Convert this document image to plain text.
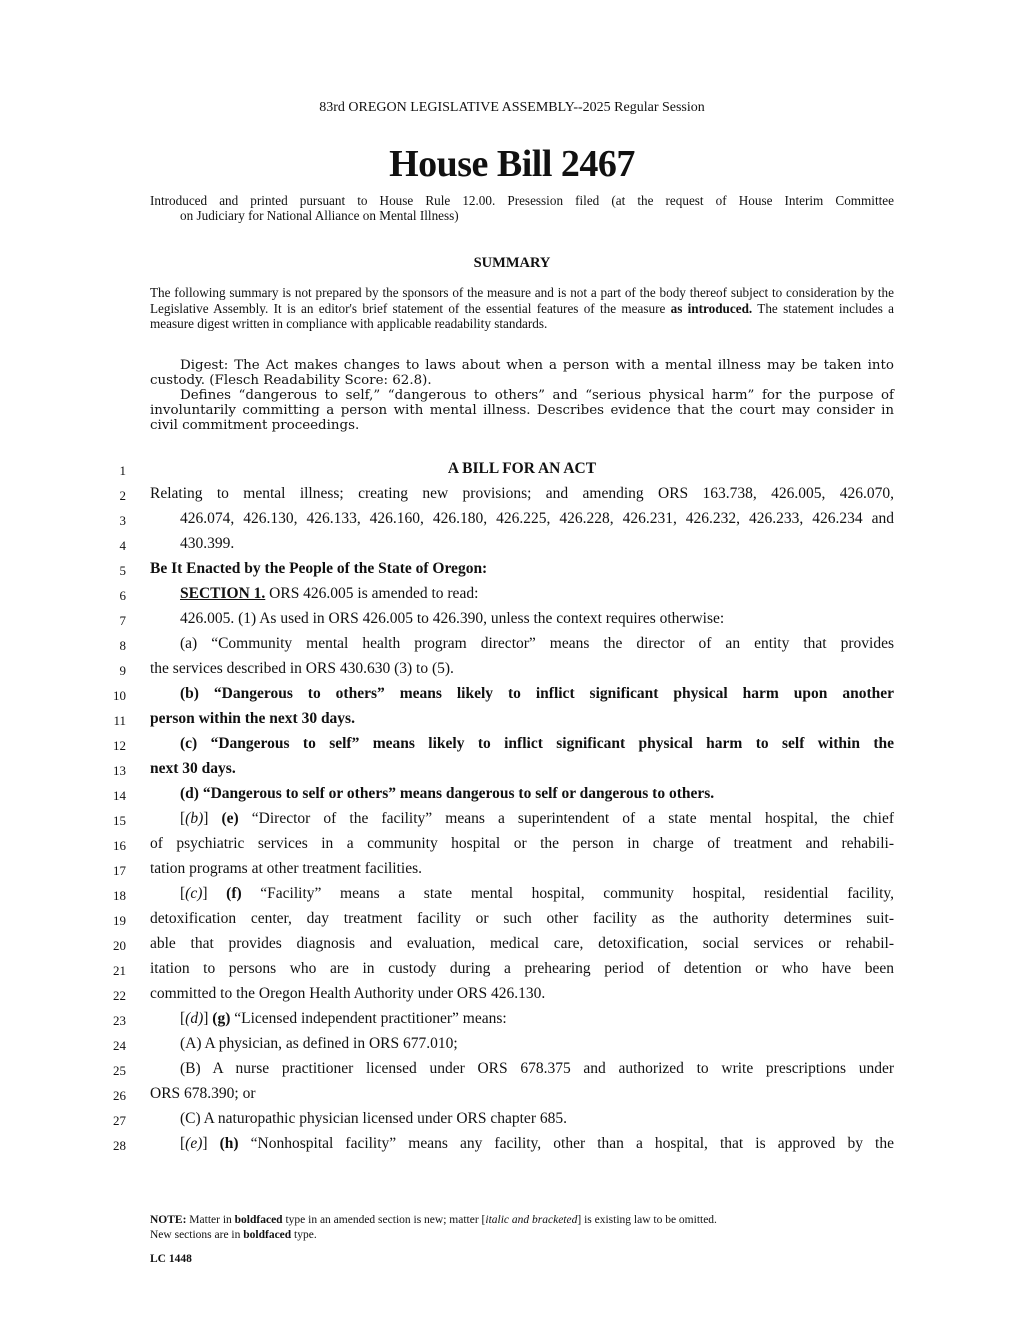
83rd OREGON LEGISLATIVE ASSEMBLY--2025 Regular Session
House Bill 2467
Introduced and printed pursuant to House Rule 12.00. Presession filed (at the request of House Interim Committee
on Judiciary for National Alliance on Mental Illness)
SUMMARY
The following summary is not prepared by the sponsors of the measure and is not a part of the body thereof subject to consideration by the Legislative Assembly. It is an editor's brief statement of the essential features of the measure as introduced. The statement includes a measure digest written in compliance with applicable readability standards.

Digest: The Act makes changes to laws about when a person with a mental illness may be taken into custody. (Flesch Readability Score: 62.8).

Defines “dangerous to self,” “dangerous to others” and “serious physical harm” for the purpose of involuntarily committing a person with mental illness. Describes evidence that the court may consider in civil commitment proceedings.

1	A BILL FOR AN ACT
2 Relating to mental illness; creating new provisions; and amending ORS 163.738, 426.005, 426.070,
3	426.074, 426.130, 426.133, 426.160, 426.180, 426.225, 426.228, 426.231, 426.232, 426.233, 426.234 and
4	430.399.
5 Be It Enacted by the People of the State of Oregon:
6	SECTION 1. ORS 426.005 is amended to read:
7	426.005. (1) As used in ORS 426.005 to 426.390, unless the context requires otherwise:
8	(a) “Community mental health program director” means the director of an entity that provides
9 the services described in ORS 430.630 (3) to (5).
10	(b) “Dangerous to others” means likely to inflict significant physical harm upon another
11 person within the next 30 days.
12	(c) “Dangerous to self” means likely to inflict significant physical harm to self within the
13 next 30 days.
14	(d) “Dangerous to self or others” means dangerous to self or dangerous to others.
15	[(b)] (e) “Director of the facility” means a superintendent of a state mental hospital, the chief
16 of psychiatric services in a community hospital or the person in charge of treatment and rehabili-
17 tation programs at other treatment facilities.
18	[(c)] (f) “Facility” means a state mental hospital, community hospital, residential facility,
19 detoxification center, day treatment facility or such other facility as the authority determines suit-
20 able that provides diagnosis and evaluation, medical care, detoxification, social services or rehabil-
21 itation to persons who are in custody during a prehearing period of detention or who have been
22 committed to the Oregon Health Authority under ORS 426.130.
23	[(d)] (g) “Licensed independent practitioner” means:
24	(A) A physician, as defined in ORS 677.010;
25	(B) A nurse practitioner licensed under ORS 678.375 and authorized to write prescriptions under
26 ORS 678.390; or
27	(C) A naturopathic physician licensed under ORS chapter 685.
28	[(e)] (h) “Nonhospital facility” means any facility, other than a hospital, that is approved by the
NOTE: Matter in boldfaced type in an amended section is new; matter [italic and bracketed] is existing law to be omitted.
New sections are in boldfaced type.
LC 1448
